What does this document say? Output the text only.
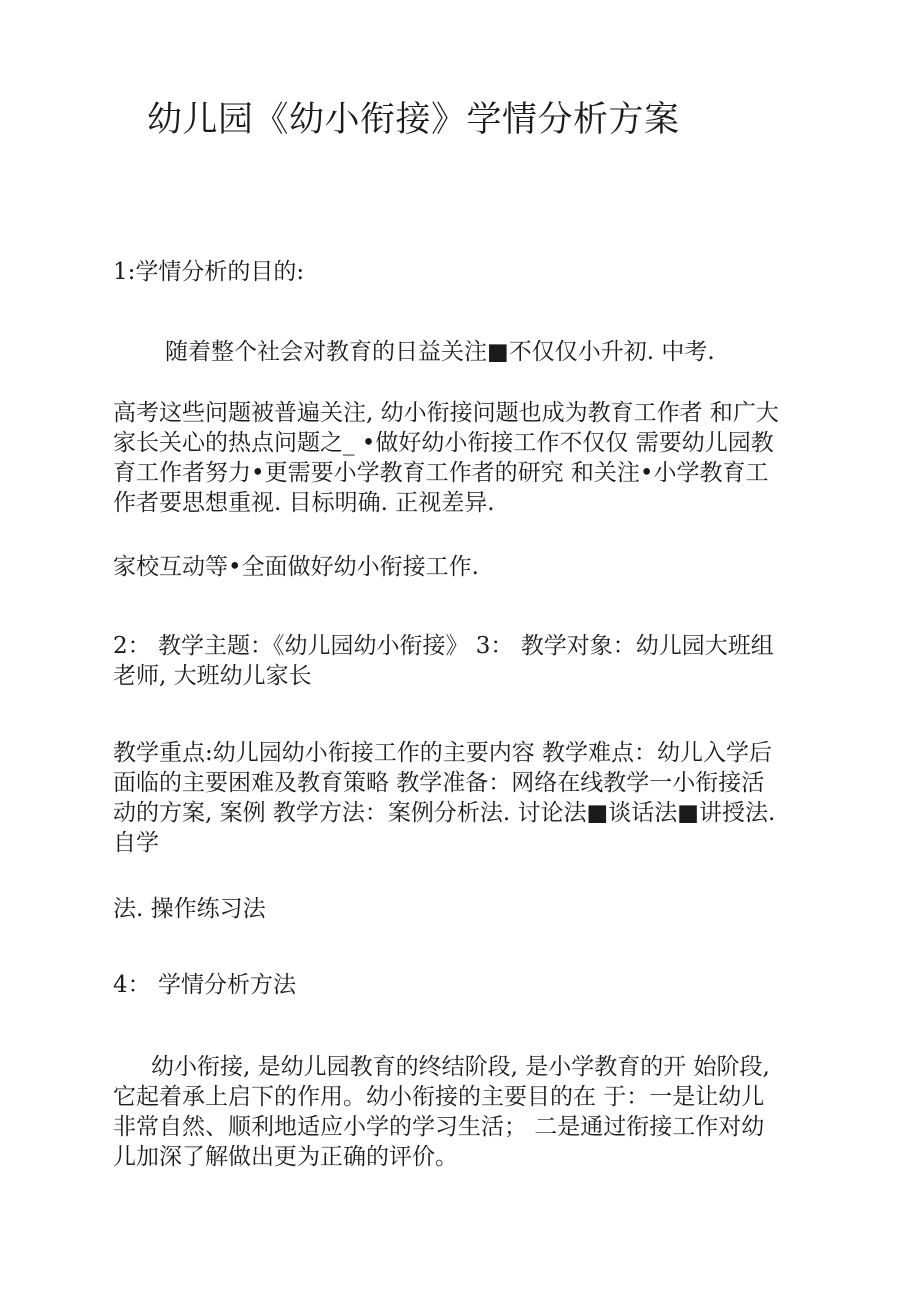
幼儿园《幼小衔接》学情分析方案

1:学情分析的目的:

随着整个社会对教育的日益关注■不仅仅小升初. 中考.

高考这些问题被普遍关注, 幼小衔接问题也成为教育工作者 和广大
家长关心的热点问题之_ •做好幼小衔接工作不仅仅 需要幼儿园教
育工作者努力•更需要小学教育工作者的研究 和关注•小学教育工
作者要思想重视. 目标明确. 正视差异.

家校互动等•全面做好幼小衔接工作.

2： 教学主题：《幼儿园幼小衔接》 3： 教学对象：幼儿园大班组
老师, 大班幼儿家长

教学重点:幼儿园幼小衔接工作的主要内容 教学难点：幼儿入学后
面临的主要困难及教育策略 教学准备：网络在线教学一小衔接活
动的方案, 案例 教学方法：案例分析法. 讨论法■谈话法■讲授法.
自学

法. 操作练习法

4： 学情分析方法

幼小衔接, 是幼儿园教育的终结阶段, 是小学教育的开 始阶段,
它起着承上启下的作用。幼小衔接的主要目的在 于：一是让幼儿
非常自然、顺利地适应小学的学习生活； 二是通过衔接工作对幼
儿加深了解做出更为正确的评价。
